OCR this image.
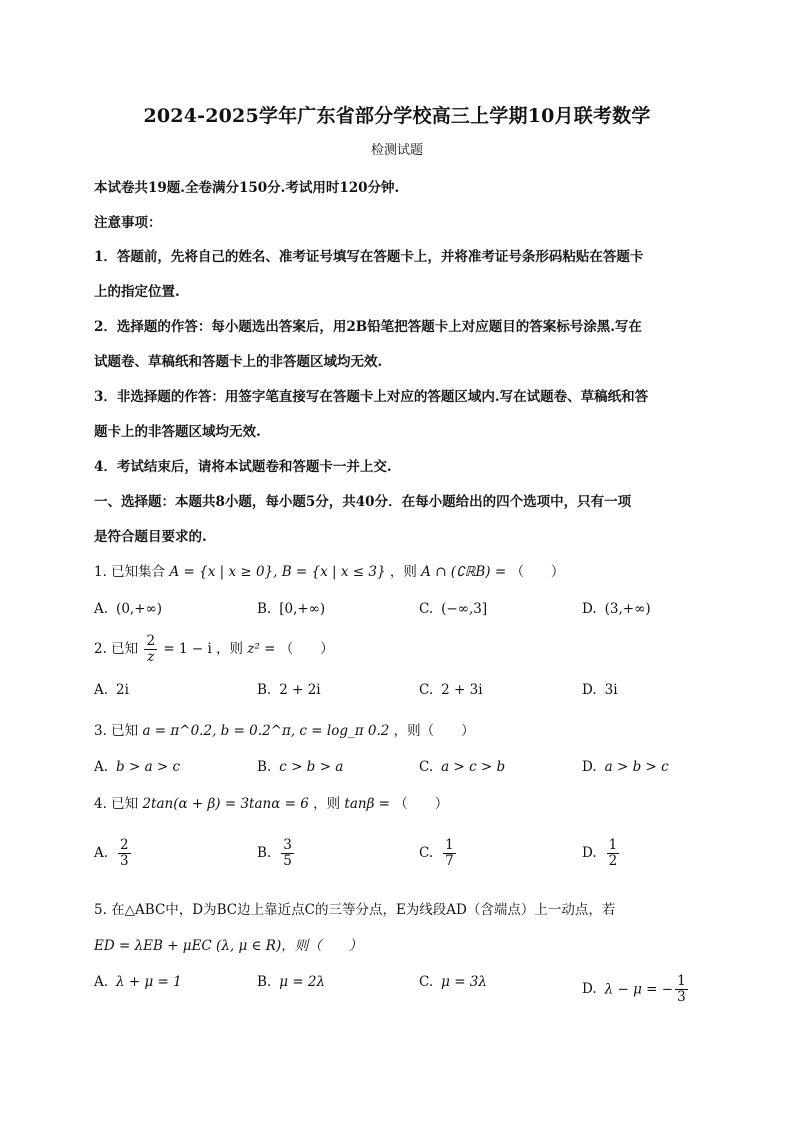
2024-2025学年广东省部分学校高三上学期10月联考数学
检测试题
本试卷共19题.全卷满分150分.考试用时120分钟.
注意事项：
1．答题前，先将自己的姓名、准考证号填写在答题卡上，并将准考证号条形码粘贴在答题卡
上的指定位置.
2．选择题的作答：每小题选出答案后，用2B铅笔把答题卡上对应题目的答案标号涂黑.写在
试题卷、草稿纸和答题卡上的非答题区域均无效.
3．非选择题的作答：用签字笔直接写在答题卡上对应的答题区域内.写在试题卷、草稿纸和答
题卡上的非答题区域均无效.
4．考试结束后，请将本试题卷和答题卡一并上交.
一、选择题：本题共8小题，每小题5分，共40分．在每小题给出的四个选项中，只有一项
是符合题目要求的.
1. 已知集合 A = {x | x ≥ 0}, B = {x | x ≤ 3} ，则 A ∩ (∁ℝB) = （　　）
A. (0,+∞)	B. [0,+∞)	C. (−∞,3]	D. (3,+∞)
2. 已知 $\frac{2}{z} = 1 - i$ ，则 z² = （　　）
A. 2i	B. 2 + 2i	C. 2 + 3i	D. 3i
3. 已知 a = π^0.2, b = 0.2^π, c = log_π 0.2 ，则（　　）
A. b > a > c	B. c > b > a	C. a > c > b	D. a > b > c
4. 已知 2tan(α + β) = 3tanα = 6 ，则 tanβ = （　　）
A. $\frac{2}{3}$	B. $\frac{3}{5}$	C. $\frac{1}{7}$	D. $\frac{1}{2}$
5. 在△ABC中，D为BC边上靠近点C的三等分点，E为线段AD（含端点）上一动点，若
ED = λEB + μEC (λ, μ ∈ R)，则（　　）
A. λ + μ = 1	B. μ = 2λ	C. μ = 3λ	D. λ − μ = − $\frac{1}{3}$
